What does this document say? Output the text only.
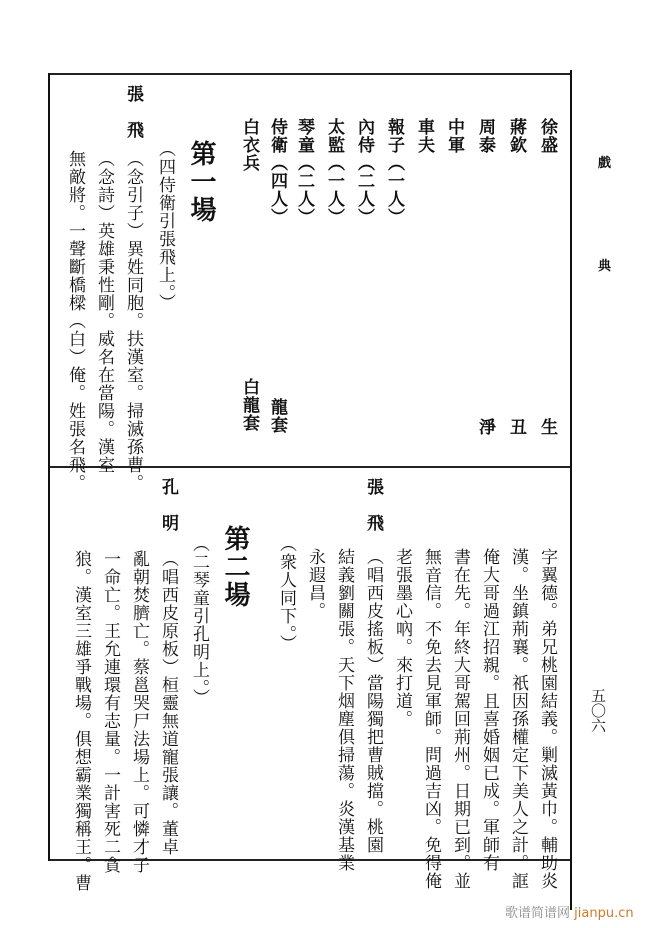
戲
典
五〇六
徐盛
蔣欽
周泰
中軍
車夫
報子（一人）
內侍（二人）
太監（一人）
琴童（二人）
侍衛（四人）
白衣兵
生
丑
淨
龍套
白龍套
第一場
（四侍衛引張飛上。）
張　飛
（念引子）異姓同胞。扶漢室。掃滅孫曹。
（念詩）英雄秉性剛。威名在當陽。漢室
無敵將。一聲斷橋樑（白）俺。姓張名飛。
字翼德。弟兄桃園結義。剿滅黃巾。輔助炎
漢。坐鎮荊襄。祇因孫權定下美人之計。誆
俺大哥過江招親。且喜婚姻已成。軍師有
書在先。年終大哥駕回荊州。日期已到。並
無音信。不免去見軍師。問過吉凶。免得俺
老張墨心吶。來打道。
張　飛
（唱西皮搖板）當陽獨把曹賊擋。桃園
結義劉關張。天下烟塵俱掃蕩。炎漢基業
永遐昌。
（衆人同下。）
第二場
（二琴童引孔明上。）
孔　明
（唱西皮原板）桓靈無道寵張讓。董卓
亂朝焚臍亡。蔡邕哭尸法場上。可憐才子
一命亡。王允連環有志量。一計害死二貪
狼。漢室三雄爭戰場。俱想霸業獨稱王。曹
歌谱简谱网 jianpu.cn
